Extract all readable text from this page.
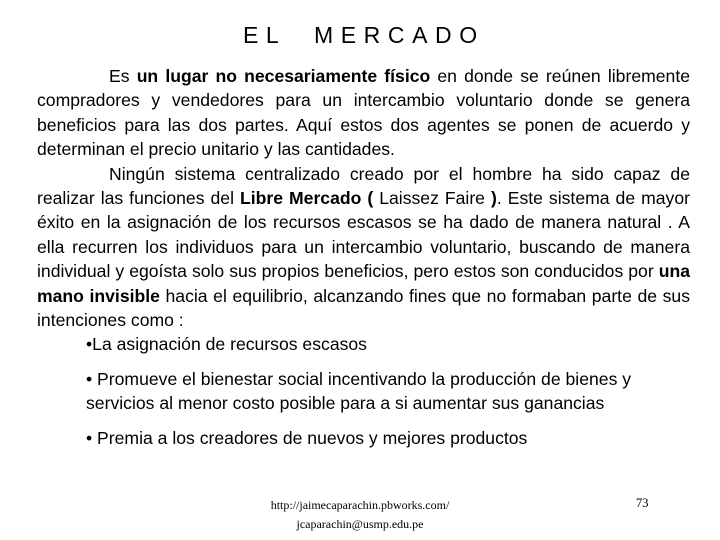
EL MERCADO

Es un lugar no necesariamente físico en donde se reúnen libremente compradores y vendedores para un intercambio voluntario donde se genera beneficios para las dos partes. Aquí estos dos agentes se ponen de acuerdo y determinan el precio unitario y las cantidades.

Ningún sistema centralizado creado por el hombre ha sido capaz de realizar las funciones del Libre Mercado ( Laissez Faire ). Este sistema de mayor éxito en la asignación de los recursos escasos se ha dado de manera natural . A ella recurren los individuos para un intercambio voluntario, buscando de manera individual y egoísta solo sus propios beneficios, pero estos son conducidos por una mano invisible hacia el equilibrio, alcanzando fines que no formaban parte de sus intenciones como :

•La asignación de recursos escasos
• Promueve el bienestar social incentivando la producción de bienes y servicios al menor costo posible para a si aumentar sus ganancias
• Premia a los creadores de nuevos y mejores productos
http://jaimecaparachin.pbworks.com/
jcaparachin@usmp.edu.pe
73
